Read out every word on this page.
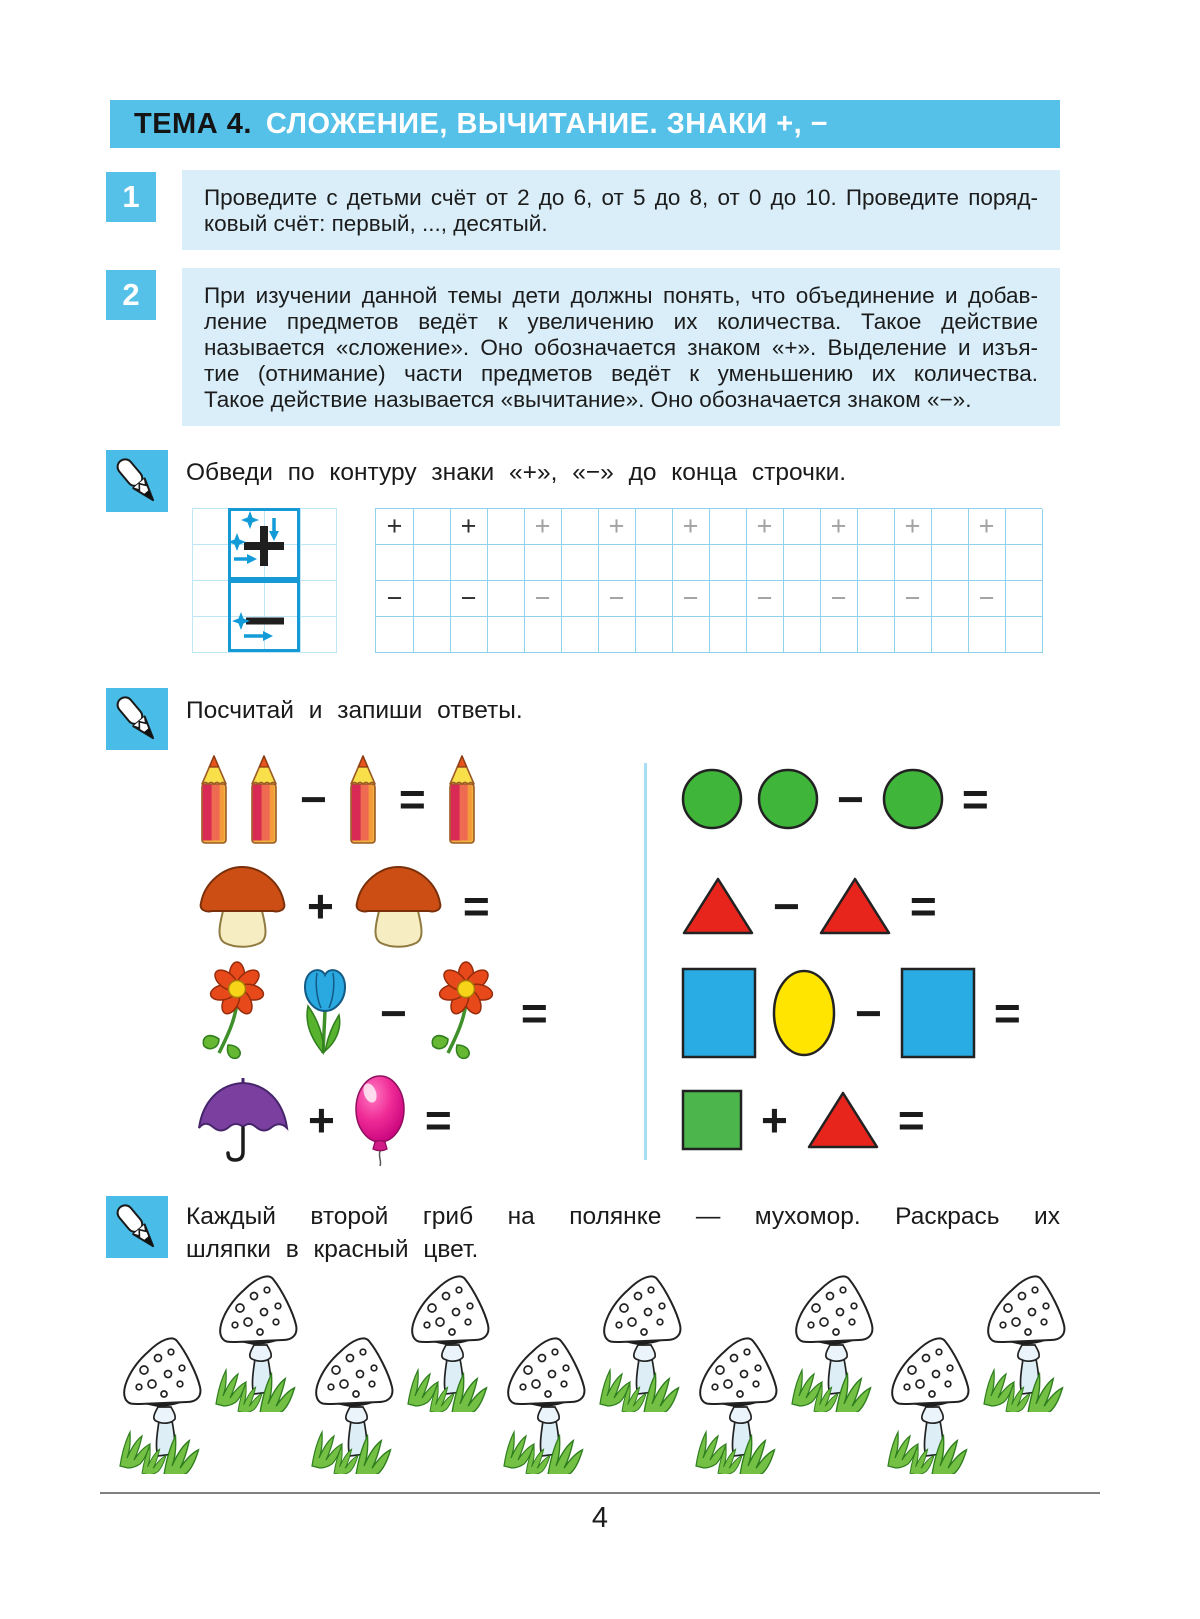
ТЕМА 4. СЛОЖЕНИЕ, ВЫЧИТАНИЕ. ЗНАКИ +, −
1	Проведите с детьми счёт от 2 до 6, от 5 до 8, от 0 до 10. Проведите поряд-
ковый счёт: первый, ..., десятый.
2	При изучении данной темы дети должны понять, что объединение и добав-
ление предметов ведёт к увеличению их количества. Такое действие
называется «сложение». Оно обозначается знаком «+». Выделение и изъя-
тие (отнимание) части предметов ведёт к уменьшению их количества.
Такое действие называется «вычитание». Оно обозначается знаком «−».
Обведи по контуру знаки «+», «−» до конца строчки.
+ + + + + + + + +
− − − − − − − − −
Посчитай и запиши ответы.
− =
+	=
− =
+ =
− =
− =
− =
+ =
Каждый второй гриб на полянке — мухомор. Раскрась их
шляпки в красный цвет.
4
